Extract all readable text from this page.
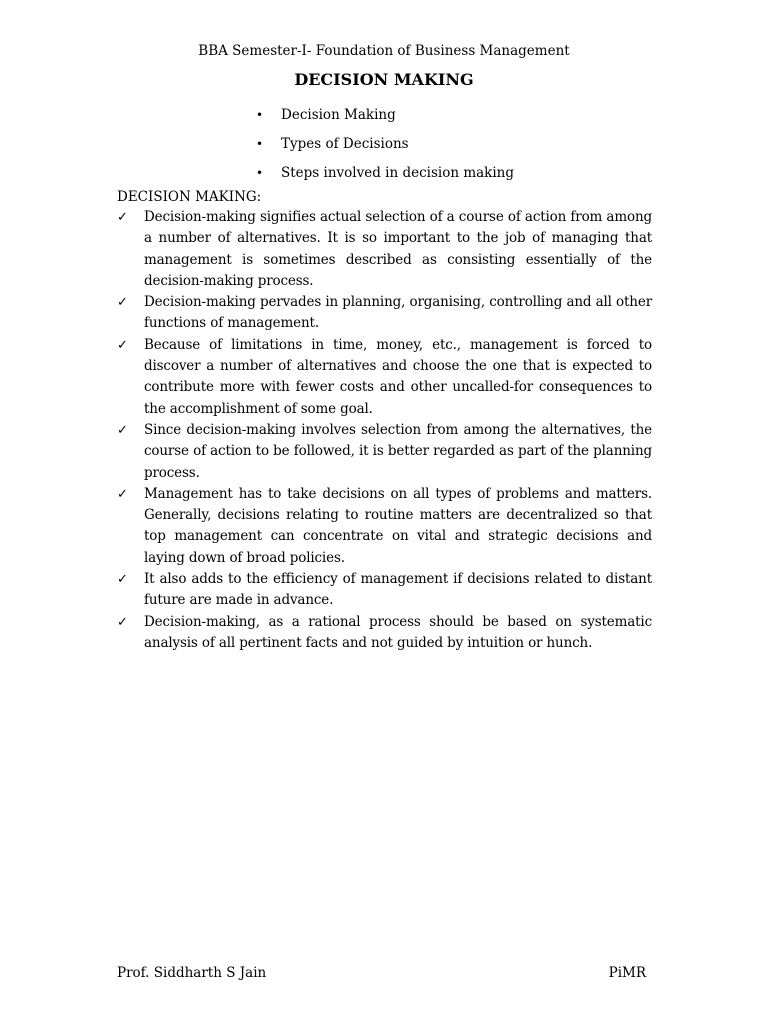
BBA Semester-I- Foundation of Business Management
DECISION MAKING
• Decision Making
• Types of Decisions
• Steps involved in decision making
DECISION MAKING:
✓	Decision-making signifies actual selection of a course of action from among a number of alternatives. It is so important to the job of managing that management is sometimes described as consisting essentially of the decision-making process.
✓	Decision-making pervades in planning, organising, controlling and all other functions of management.
✓	Because of limitations in time, money, etc., management is forced to discover a number of alternatives and choose the one that is expected to contribute more with fewer costs and other uncalled-for consequences to the accomplishment of some goal.
✓	Since decision-making involves selection from among the alternatives, the course of action to be followed, it is better regarded as part of the planning process.
✓	Management has to take decisions on all types of problems and matters. Generally, decisions relating to routine matters are decentralized so that top management can concentrate on vital and strategic decisions and laying down of broad policies.
✓	It also adds to the efficiency of management if decisions related to distant future are made in advance.
✓	Decision-making, as a rational process should be based on systematic analysis of all pertinent facts and not guided by intuition or hunch.
Prof. Siddharth S Jain	PiMR
